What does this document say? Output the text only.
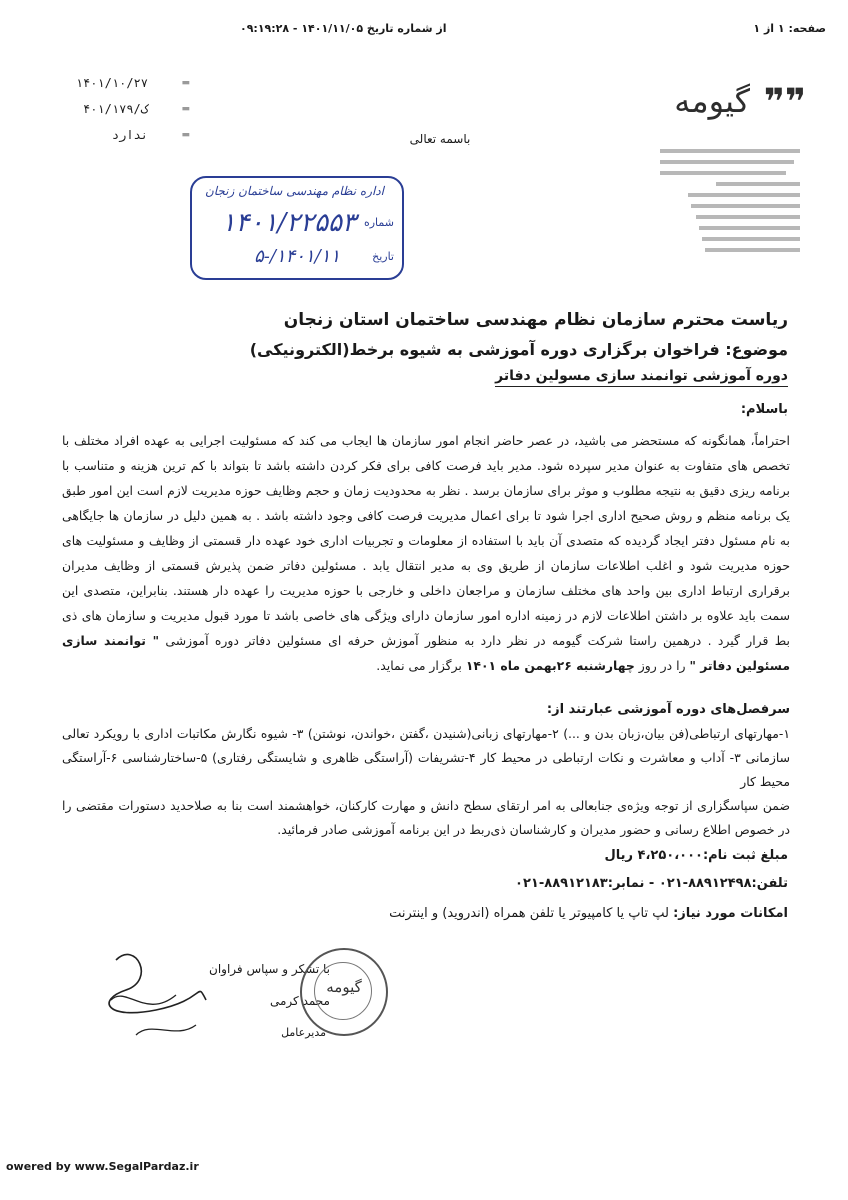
صفحه: ۱ از ۱
از شماره تاریخ ۱۴۰۱/۱۱/۰۵ - ۰۹:۱۹:۲۸
۱۴۰۱/۱۰/۲۷	▬
۴۰۱/۱۷۹/ک	▬
ندارد	▬	باسمه تعالی
گیومه ❞❞
اداره نظام مهندسی ساختمان زنجان
شماره
۱۴۰۱/۲۲۵۵۳
تاریخ
۱۴۰۱/۱۱/-۵
ریاست محترم سازمان نظام مهندسی ساختمان استان زنجان
موضوع: فراخوان برگزاری دوره آموزشی به شیوه برخط(الکترونیکی)
دوره آموزشی توانمند سازی مسولین دفاتر
باسلام:
احتراماً، همانگونه که مستحضر می باشید، در عصر حاضر انجام امور سازمان ها ایجاب می کند که مسئولیت اجرایی به عهده افراد مختلف با تخصص های متفاوت به عنوان مدیر سپرده شود. مدیر باید فرصت کافی برای فکر کردن داشته باشد تا بتواند با کم ترین هزینه و متناسب با برنامه ریزی دقیق به نتیجه مطلوب و موثر برای سازمان برسد . نظر به محدودیت زمان و حجم وظایف حوزه مدیریت لازم است این امور طبق یک برنامه منظم و روش صحیح اداری اجرا شود تا برای اعمال مدیریت فرصت کافی وجود داشته باشد . به همین دلیل در سازمان ها جایگاهی به نام مسئول دفتر ایجاد گردیده که متصدی آن باید با استفاده از معلومات و تجربیات اداری خود عهده دار قسمتی از وظایف و مسئولیت های حوزه مدیریت شود و اغلب اطلاعات سازمان از طریق وی به مدیر انتقال یابد . مسئولین دفاتر ضمن پذیرش قسمتی از وظایف مدیران برقراری ارتباط اداری بین واحد های مختلف سازمان و مراجعان داخلی و خارجی با حوزه مدیریت را عهده دار هستند. بنابراین، متصدی این سمت باید علاوه بر داشتن اطلاعات لازم در زمینه اداره امور سازمان دارای ویژگی های خاصی باشد تا مورد قبول مدیریت و سازمان های ذی بط قرار گیرد . درهمین راستا شرکت گیومه در نظر دارد به منظور آموزش حرفه ای مسئولین دفاتر دوره آموزشی " توانمند سازی مسئولین دفاتر " را در روز چهارشنبه ۲۶بهمن ماه ۱۴۰۱ برگزار می نماید.
سرفصل‌های دوره آموزشی عبارتند از:
۱-مهارتهای ارتباطی(فن بیان،زبان بدن و ...) ۲-مهارتهای زبانی(شنیدن ،گفتن ،خواندن، نوشتن) ۳- شیوه نگارش مکاتبات اداری با رویکرد تعالی سازمانی ۳- آداب و معاشرت و نکات ارتباطی در محیط کار ۴-تشریفات (آراستگی ظاهری و شایستگی رفتاری) ۵-ساختارشناسی ۶-آراستگی محیط کار
ضمن سپاسگزاری از توجه ویژه‌ی جنابعالی به امر ارتقای سطح دانش و مهارت کارکنان، خواهشمند است بنا به صلاحدید دستورات مقتضی را در خصوص اطلاع رسانی و حضور مدیران و کارشناسان ذی‌ربط در این برنامه آموزشی صادر فرمائید.
مبلغ ثبت نام:۴،۲۵۰،۰۰۰ ریال
تلفن:۸۸۹۱۲۴۹۸-۰۲۱ - نمابر:۸۸۹۱۲۱۸۳-۰۲۱
امکانات مورد نیاز: لپ تاپ یا کامپیوتر یا تلفن همراه (اندروید) و اینترنت
با تشکر و سپاس فراوان
محمد کرمی
مدیرعامل
گیومه
owered by www.SegalPardaz.ir
